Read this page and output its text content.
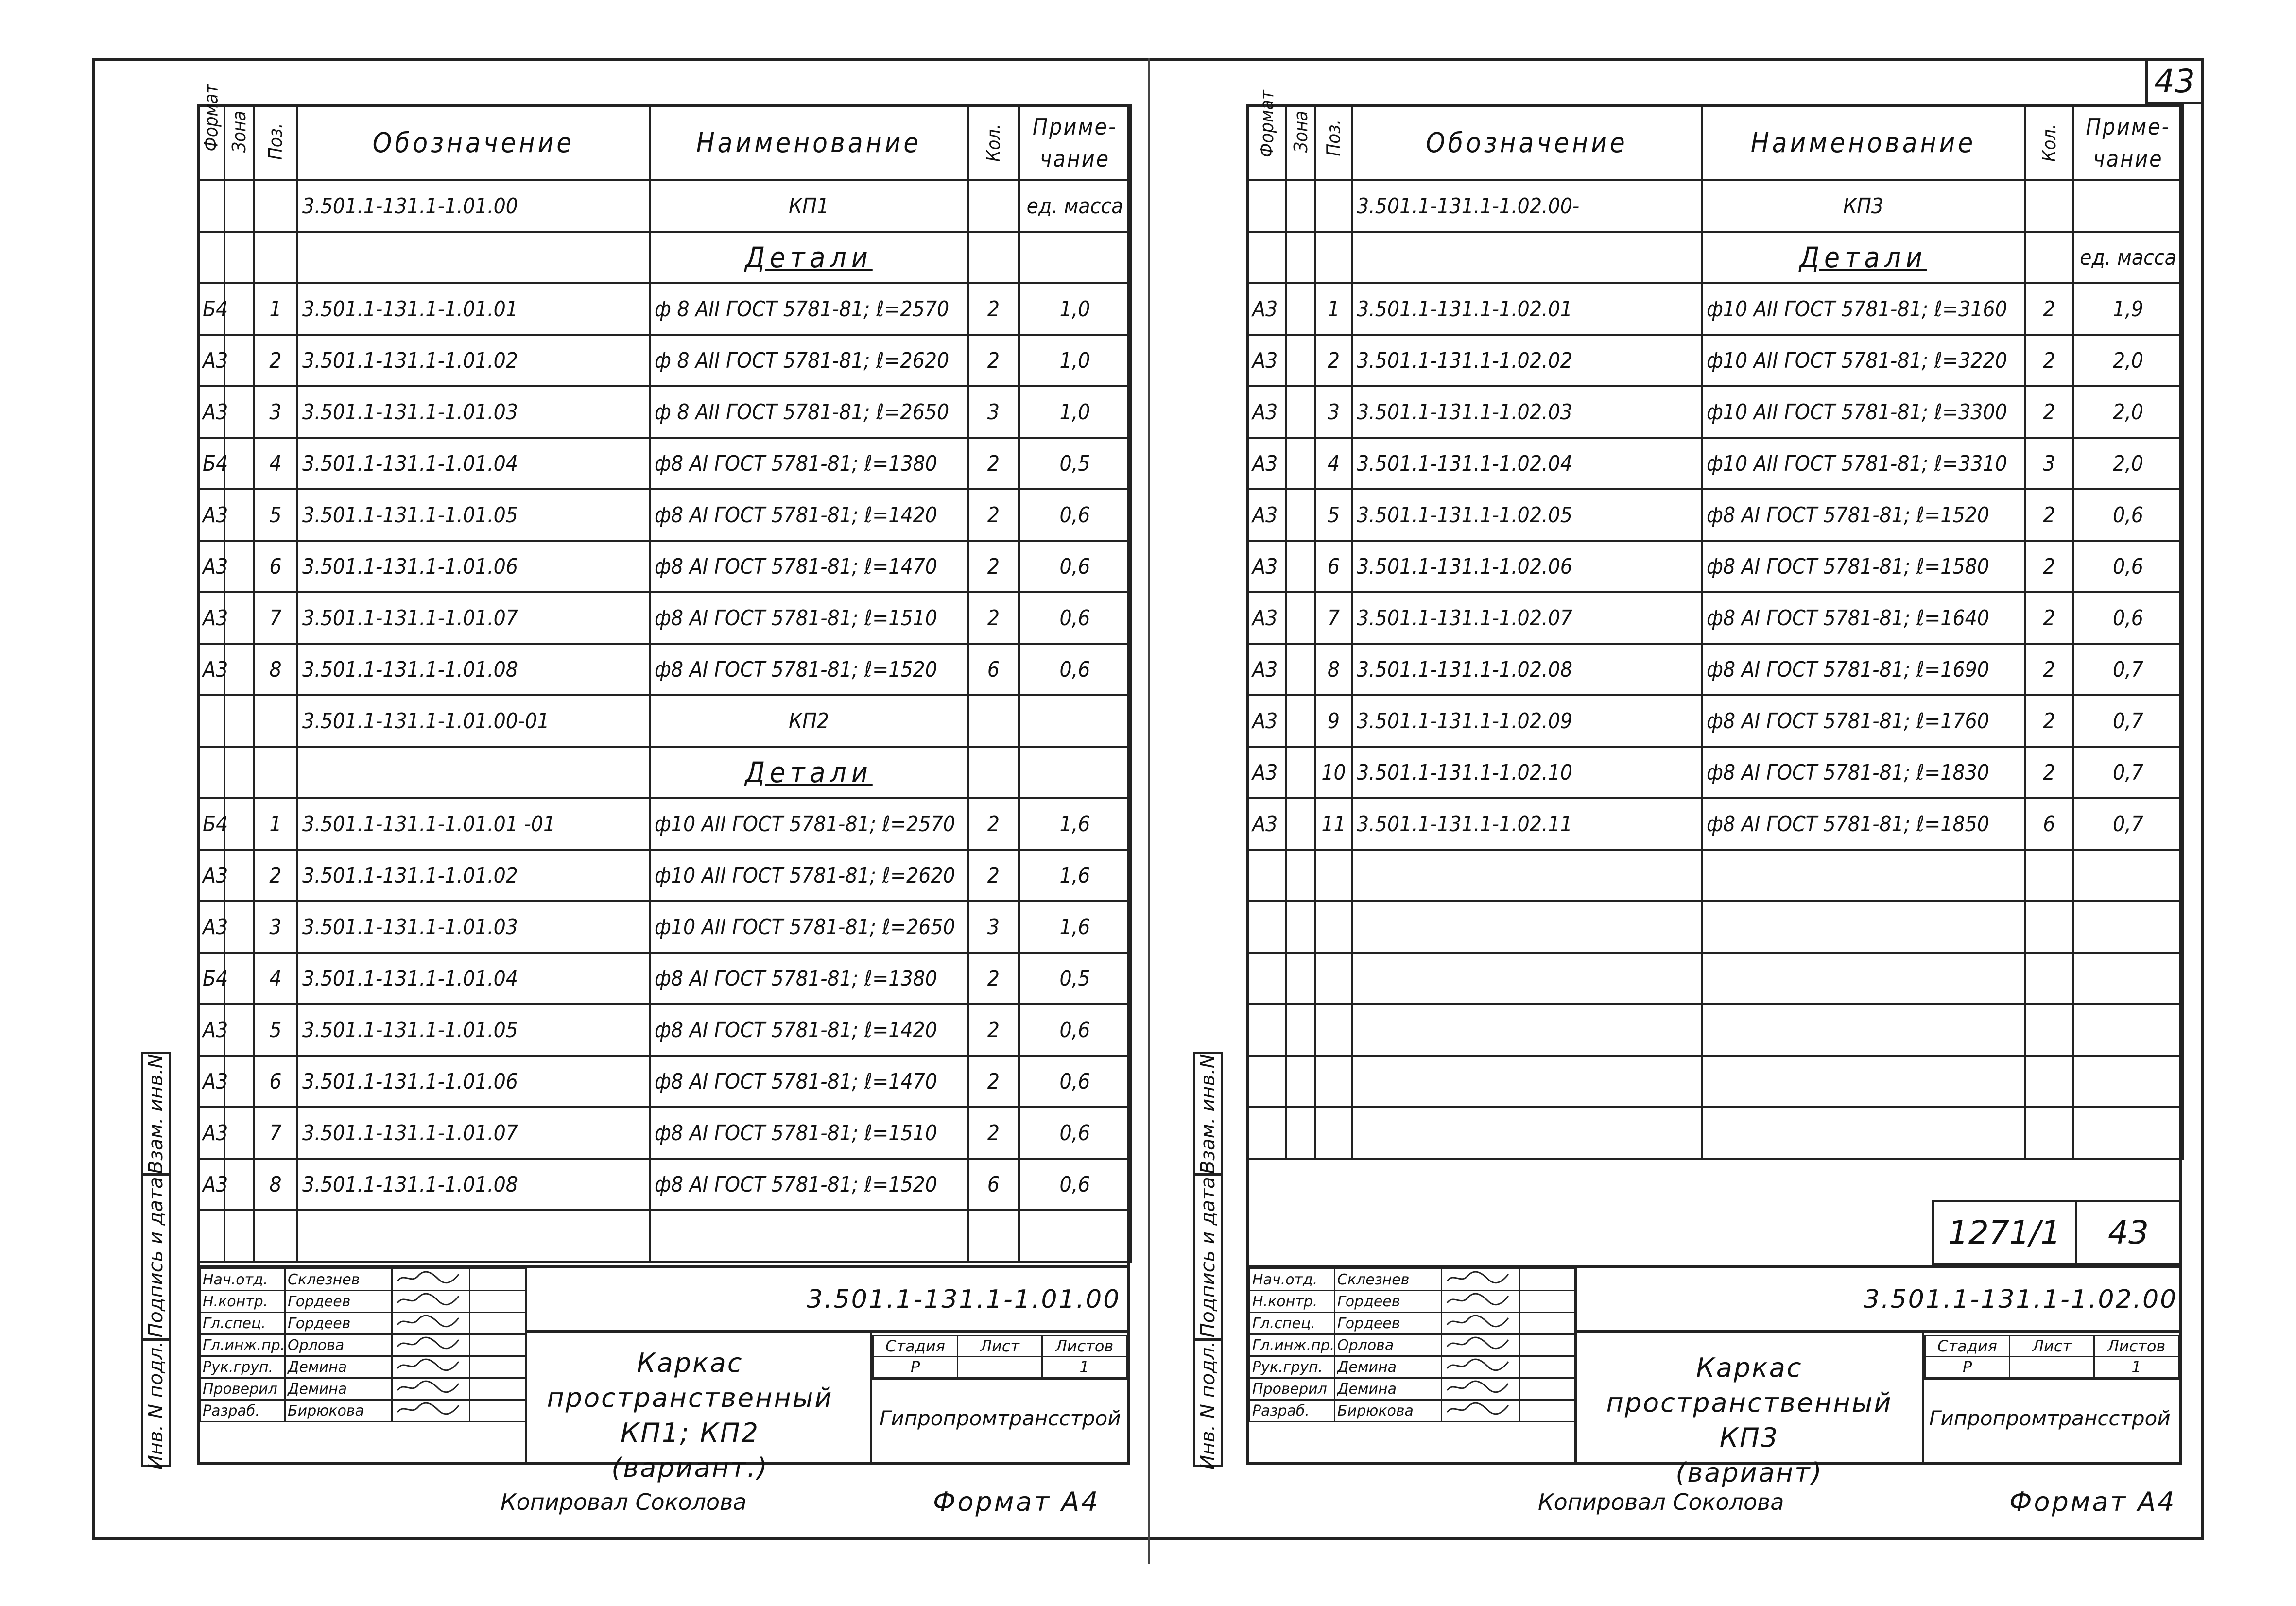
43
Взам. инв.N
Подпись и дата
Инв. N подл.
Формат	Зона	Поз.	Обозначение	Наименование	Кол.	Приме-
чание

			3.501.1-131.1-1.01.00	КП1		ед. масса
				Детали		
Б4		1	3.501.1-131.1-1.01.01	ф 8 АII ГОСТ 5781-81; ℓ=2570	2	1,0
А3		2	3.501.1-131.1-1.01.02	ф 8 АII ГОСТ 5781-81; ℓ=2620	2	1,0
А3		3	3.501.1-131.1-1.01.03	ф 8 АII ГОСТ 5781-81; ℓ=2650	3	1,0
Б4		4	3.501.1-131.1-1.01.04	ф8 АI ГОСТ 5781-81; ℓ=1380	2	0,5
А3		5	3.501.1-131.1-1.01.05	ф8 АI ГОСТ 5781-81; ℓ=1420	2	0,6
А3		6	3.501.1-131.1-1.01.06	ф8 АI ГОСТ 5781-81; ℓ=1470	2	0,6
А3		7	3.501.1-131.1-1.01.07	ф8 АI ГОСТ 5781-81; ℓ=1510	2	0,6
А3		8	3.501.1-131.1-1.01.08	ф8 АI ГОСТ 5781-81; ℓ=1520	6	0,6
			3.501.1-131.1-1.01.00-01	КП2		
				Детали		
Б4		1	3.501.1-131.1-1.01.01 -01	ф10 АII ГОСТ 5781-81; ℓ=2570	2	1,6
А3		2	3.501.1-131.1-1.01.02	ф10 АII ГОСТ 5781-81; ℓ=2620	2	1,6
А3		3	3.501.1-131.1-1.01.03	ф10 АII ГОСТ 5781-81; ℓ=2650	3	1,6
Б4		4	3.501.1-131.1-1.01.04	ф8 АI ГОСТ 5781-81; ℓ=1380	2	0,5
А3		5	3.501.1-131.1-1.01.05	ф8 АI ГОСТ 5781-81; ℓ=1420	2	0,6
А3		6	3.501.1-131.1-1.01.06	ф8 АI ГОСТ 5781-81; ℓ=1470	2	0,6
А3		7	3.501.1-131.1-1.01.07	ф8 АI ГОСТ 5781-81; ℓ=1510	2	0,6
А3		8	3.501.1-131.1-1.01.08	ф8 АI ГОСТ 5781-81; ℓ=1520	6	0,6

Нач.отд.	Склезнев		
Н.контр.	Гордеев		
Гл.спец.	Гордеев		
Гл.инж.пр.	Орлова		
Рук.груп.	Демина		
Проверил	Демина		
Разраб.	Бирюкова		
3.501.1-131.1-1.01.00
Каркас пространственный
КП1; КП2
(вариант.)
Стадия	Лист	Листов
Р		1
Гипропромтрансстрой
Копировал Соколова	Формат А4
Взам. инв.N
Подпись и дата
Инв. N подл.
Формат	Зона	Поз.	Обозначение	Наименование	Кол.	Приме-
чание

			3.501.1-131.1-1.02.00-	КП3		
				Детали		ед. масса
А3		1	3.501.1-131.1-1.02.01	ф10 АII ГОСТ 5781-81; ℓ=3160	2	1,9
А3		2	3.501.1-131.1-1.02.02	ф10 АII ГОСТ 5781-81; ℓ=3220	2	2,0
А3		3	3.501.1-131.1-1.02.03	ф10 АII ГОСТ 5781-81; ℓ=3300	2	2,0
А3		4	3.501.1-131.1-1.02.04	ф10 АII ГОСТ 5781-81; ℓ=3310	3	2,0
А3		5	3.501.1-131.1-1.02.05	ф8 АI ГОСТ 5781-81; ℓ=1520	2	0,6
А3		6	3.501.1-131.1-1.02.06	ф8 АI ГОСТ 5781-81; ℓ=1580	2	0,6
А3		7	3.501.1-131.1-1.02.07	ф8 АI ГОСТ 5781-81; ℓ=1640	2	0,6
А3		8	3.501.1-131.1-1.02.08	ф8 АI ГОСТ 5781-81; ℓ=1690	2	0,7
А3		9	3.501.1-131.1-1.02.09	ф8 АI ГОСТ 5781-81; ℓ=1760	2	0,7
А3		10	3.501.1-131.1-1.02.10	ф8 АI ГОСТ 5781-81; ℓ=1830	2	0,7
А3		11	3.501.1-131.1-1.02.11	ф8 АI ГОСТ 5781-81; ℓ=1850	6	0,7

1271/1 43
Нач.отд.	Склезнев		
Н.контр.	Гордеев		
Гл.спец.	Гордеев		
Гл.инж.пр.	Орлова		
Рук.груп.	Демина		
Проверил	Демина		
Разраб.	Бирюкова		
3.501.1-131.1-1.02.00
Каркас пространственный
КП3
(вариант)
Стадия	Лист	Листов
Р		1
Гипропромтрансстрой
Копировал Соколова	Формат А4
